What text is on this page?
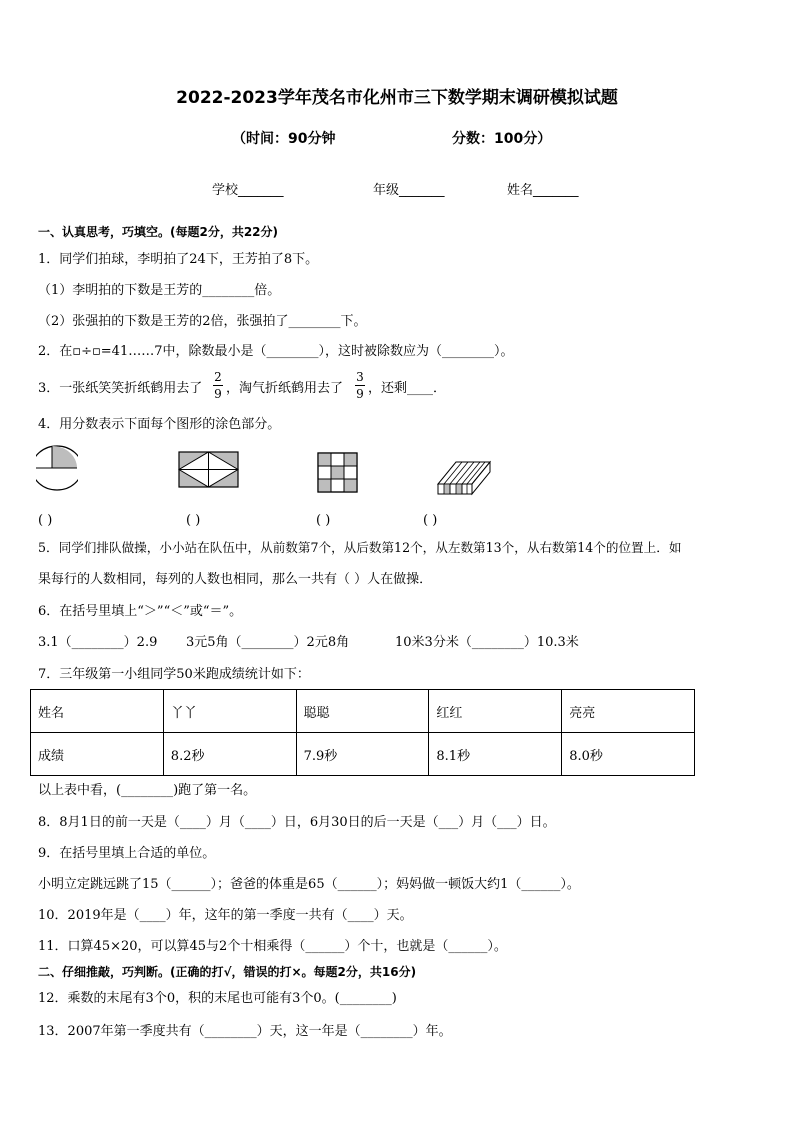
2022-2023学年茂名市化州市三下数学期末调研模拟试题
（时间：90分钟	分数：100分）
学校_______	年级_______	姓名_______
一、认真思考，巧填空。(每题2分，共22分)
1．同学们拍球，李明拍了24下，王芳拍了8下。
（1）李明拍的下数是王芳的________倍。
（2）张强拍的下数是王芳的2倍，张强拍了________下。
2．在▫÷▫=41……7中，除数最小是（________），这时被除数应为（________）。
3．一张纸笑笑折纸鹤用去了
2
9 ，淘气折纸鹤用去了
3
9 ，还剩____．
4．用分数表示下面每个图形的涂色部分。
( )	( )	( )	( )
5．同学们排队做操，小小站在队伍中，从前数第7个，从后数第12个，从左数第13个，从右数第14个的位置上．如
果每行的人数相同，每列的人数也相同，那么一共有（ ）人在做操．
6．在括号里填上“＞”“＜”或“＝”。
3.1（________）2.9 3元5角（________）2元8角	10米3分米（________）10.3米
7．三年级第一小组同学50米跑成绩统计如下：
姓名	丫丫	聪聪	红红	亮亮
成绩	8.2秒	7.9秒	8.1秒	8.0秒
以上表中看，(________)跑了第一名。
8．8月1日的前一天是（____）月（____）日，6月30日的后一天是（___）月（___）日。
9．在括号里填上合适的单位。
小明立定跳远跳了15（______）；爸爸的体重是65（______）；妈妈做一顿饭大约1（______）。
10．2019年是（____）年，这年的第一季度一共有（____）天。
11．口算45×20，可以算45与2个十相乘得（______）个十，也就是（______）。
二、仔细推敲，巧判断。(正确的打√，错误的打×。每题2分，共16分)
12．乘数的末尾有3个0，积的末尾也可能有3个0。(________)
13．2007年第一季度共有（________）天，这一年是（________）年。
